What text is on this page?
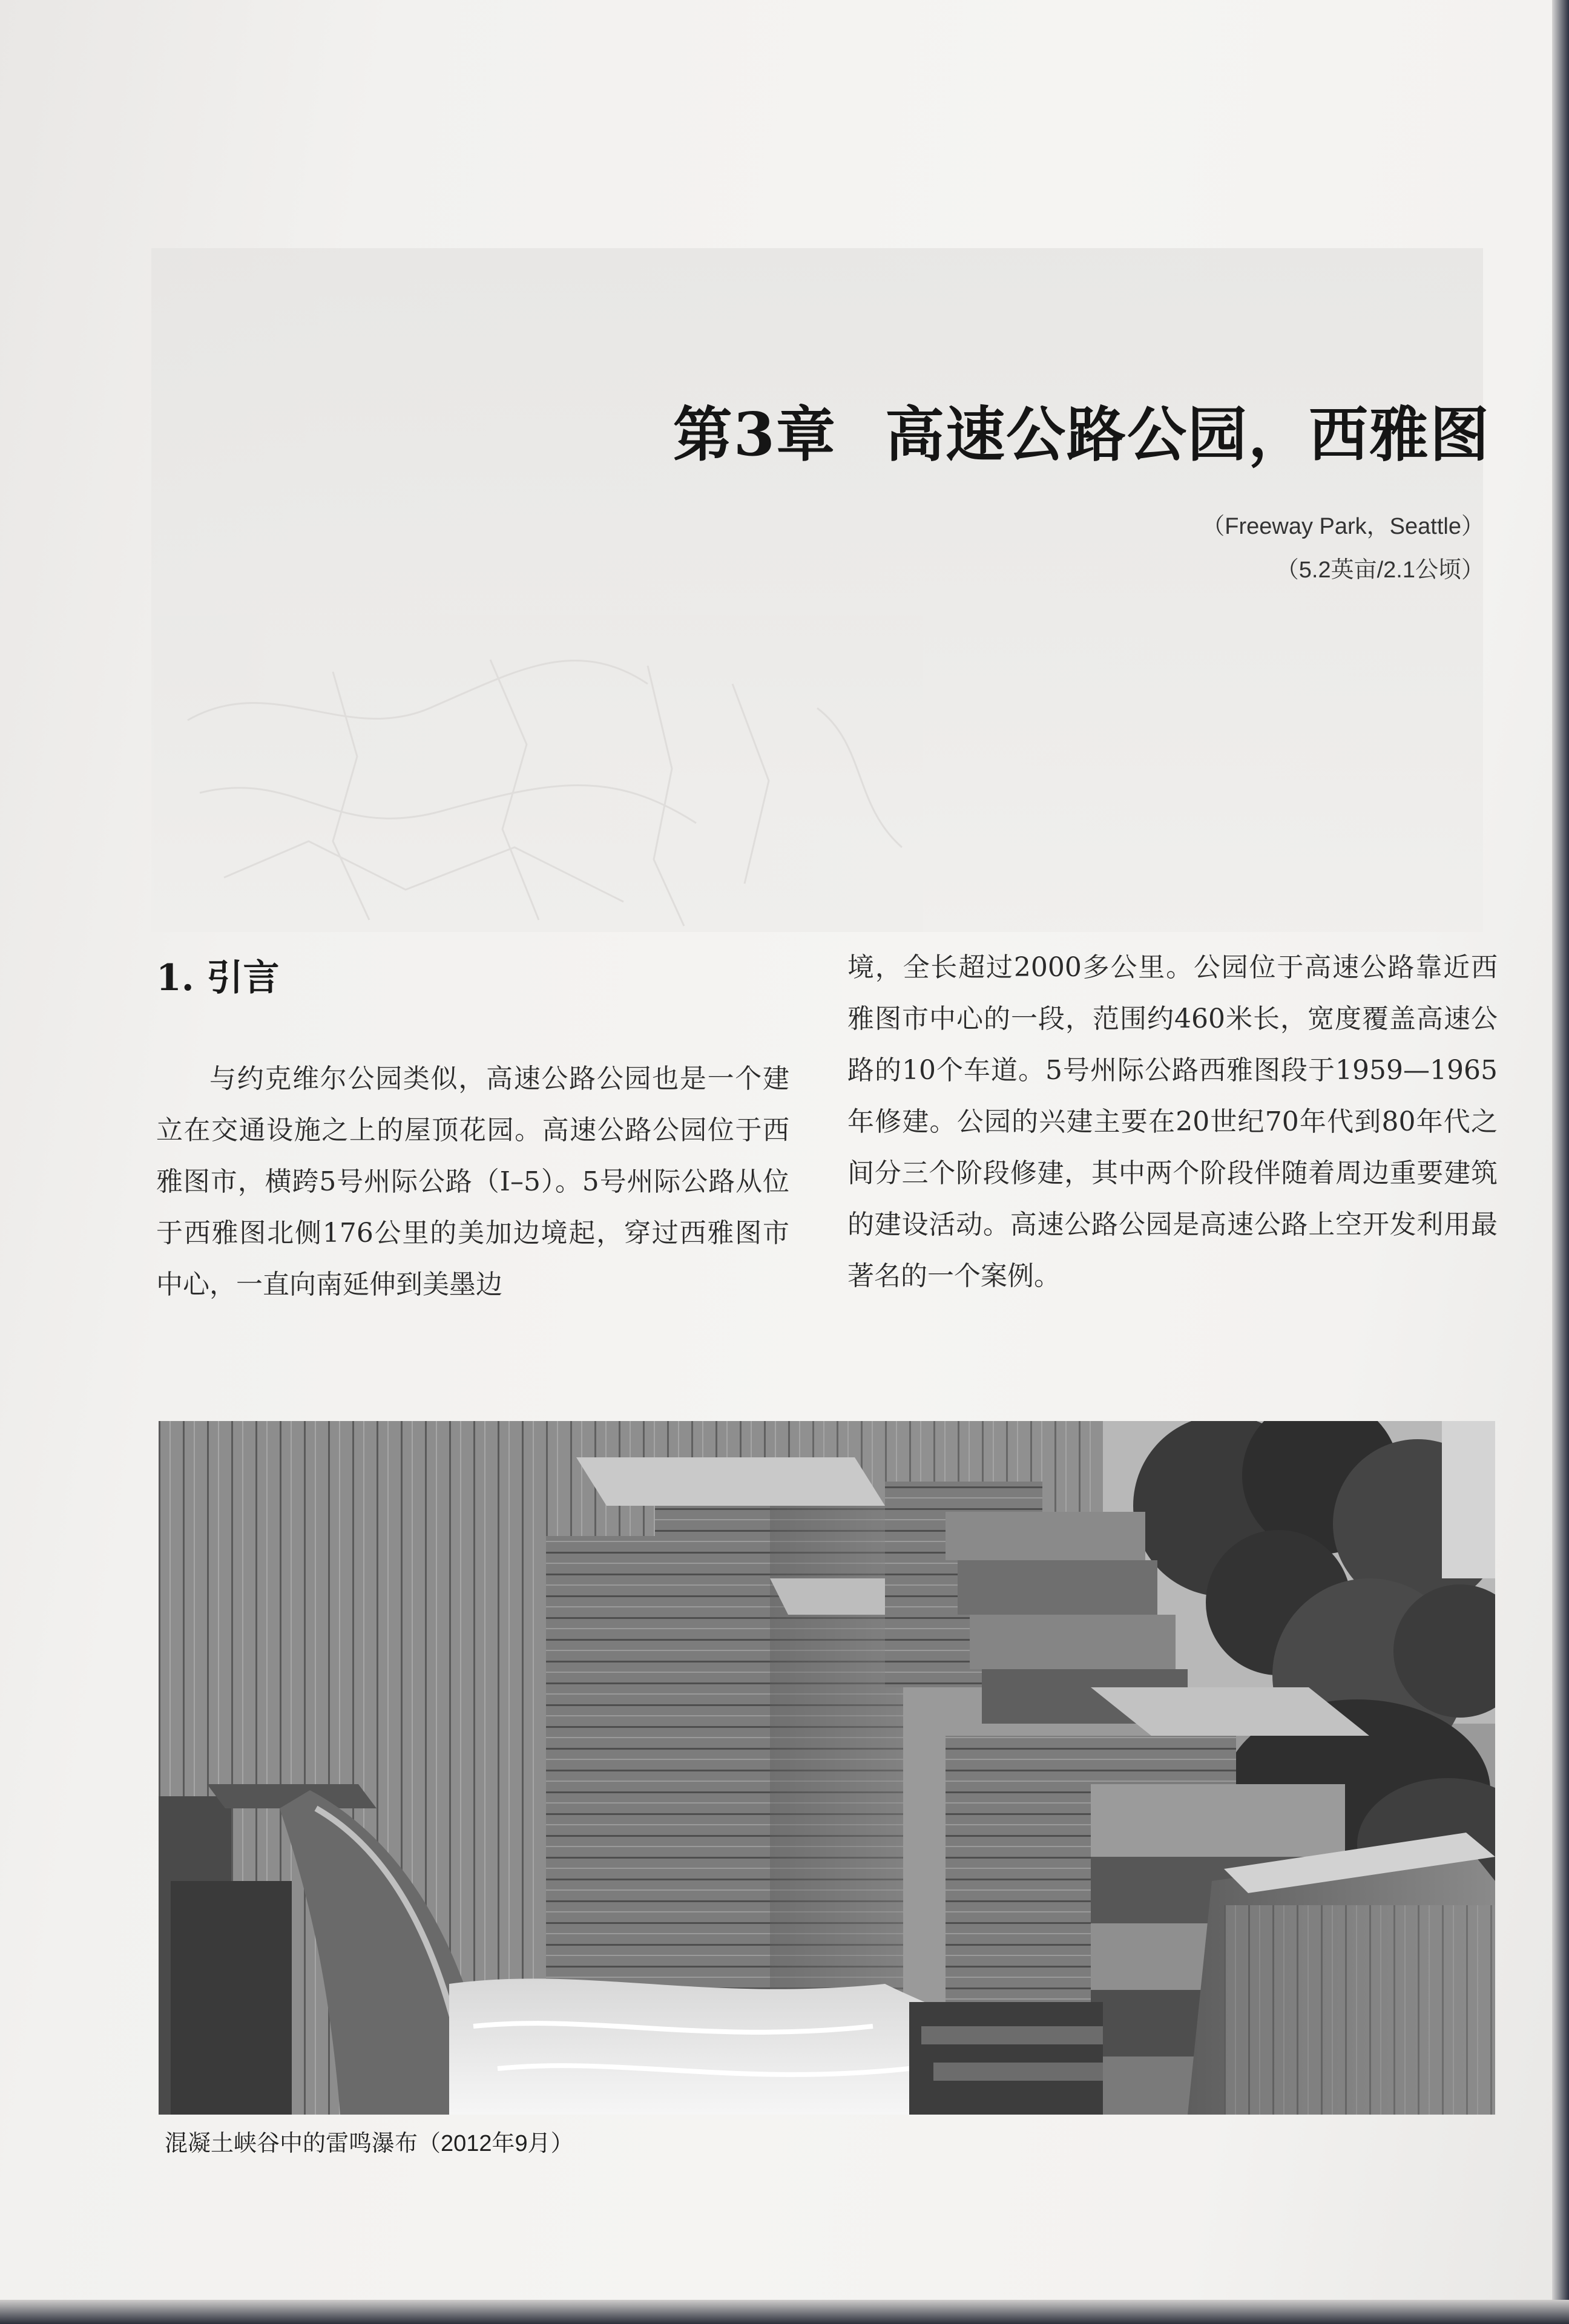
第3章 高速公路公园，西雅图
（Freeway Park，Seattle）
（5.2英亩/2.1公顷）
1. 引言
与约克维尔公园类似，高速公路公园也是一个建立在交通设施之上的屋顶花园。高速公路公园位于西雅图市，横跨5号州际公路（I–5）。5号州际公路从位于西雅图北侧176公里的美加边境起，穿过西雅图市中心，一直向南延伸到美墨边
境，全长超过2000多公里。公园位于高速公路靠近西雅图市中心的一段，范围约460米长，宽度覆盖高速公路的10个车道。5号州际公路西雅图段于1959—1965年修建。公园的兴建主要在20世纪70年代到80年代之间分三个阶段修建，其中两个阶段伴随着周边重要建筑的建设活动。高速公路公园是高速公路上空开发利用最著名的一个案例。
混凝土峡谷中的雷鸣瀑布（2012年9月）
